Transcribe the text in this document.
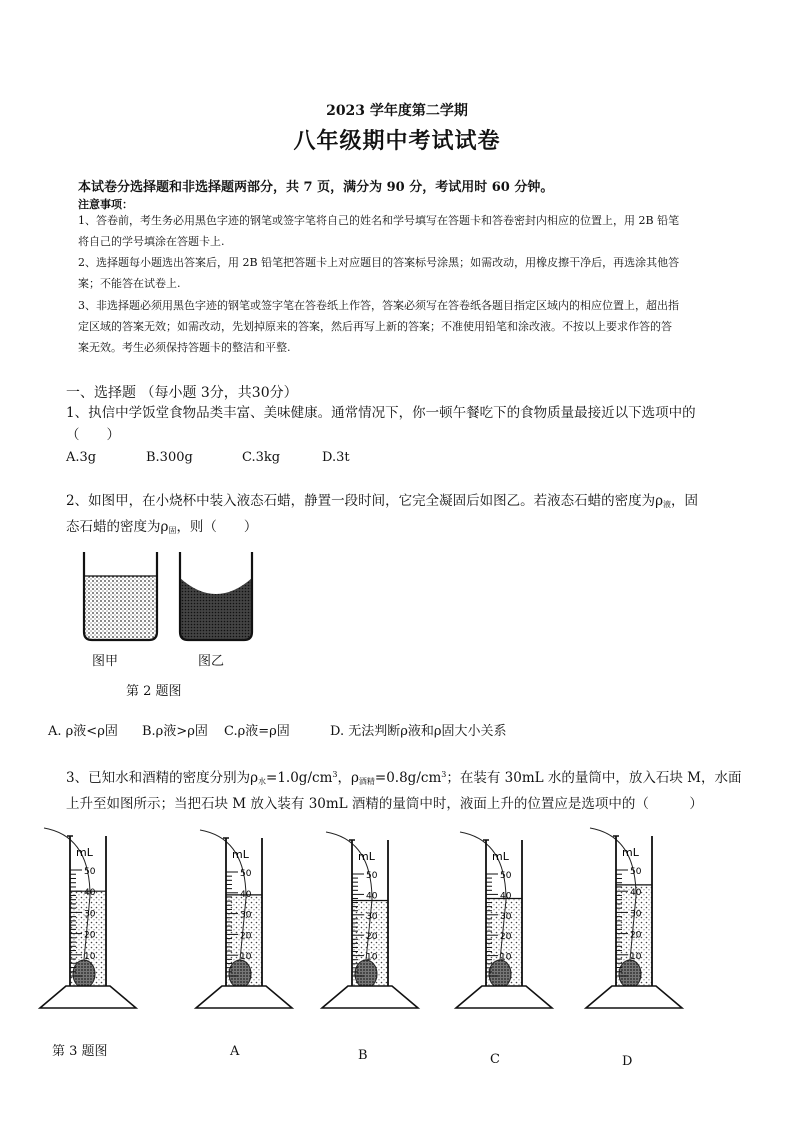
2023 学年度第二学期
八年级期中考试试卷
本试卷分选择题和非选择题两部分，共 7 页，满分为 90 分，考试用时 60 分钟。
注意事项：
1、答卷前，考生务必用黑色字迹的钢笔或签字笔将自己的姓名和学号填写在答题卡和答卷密封内相应的位置上，用 2B 铅笔
将自己的学号填涂在答题卡上.
2、选择题每小题选出答案后，用 2B 铅笔把答题卡上对应题目的答案标号涂黑；如需改动，用橡皮擦干净后，再选涂其他答
案；不能答在试卷上.
3、非选择题必须用黑色字迹的钢笔或签字笔在答卷纸上作答，答案必须写在答卷纸各题目指定区域内的相应位置上，超出指
定区域的答案无效；如需改动，先划掉原来的答案，然后再写上新的答案；不准使用铅笔和涂改液。不按以上要求作答的答
案无效。考生必须保持答题卡的整洁和平整.
一、选择题 （每小题 3分，共30分）
1、执信中学饭堂食物品类丰富、美味健康。通常情况下，你一顿午餐吃下的食物质量最接近以下选项中的
（　　）
A.3g	B.300g	C.3kg	D.3t
2、如图甲，在小烧杯中装入液态石蜡，静置一段时间，它完全凝固后如图乙。若液态石蜡的密度为$\rho_液$，固
态石蜡的密度为$\rho_固$，则（　　）
图甲	图乙
第 2 题图
A. ρ液<ρ固 B.ρ液>ρ固 C.ρ液=ρ固	D. 无法判断ρ液和ρ固大小关系
3、已知水和酒精的密度分别为$\rho_水=1.0g/cm^3$，$\rho_{酒精}=0.8g/cm^3$；在装有 30mL 水的量筒中，放入石块 M，水面
上升至如图所示；当把石块 M 放入装有 30mL 酒精的量筒中时，液面上升的位置应是选项中的（　　　）
mL
50
40
30
20
10
mL
50
40
30
20
10
mL
50
40
30
20
10
mL
50
40
30
20
10
mL
50
40
30
20
10
第 3 题图	A	B	C	D
